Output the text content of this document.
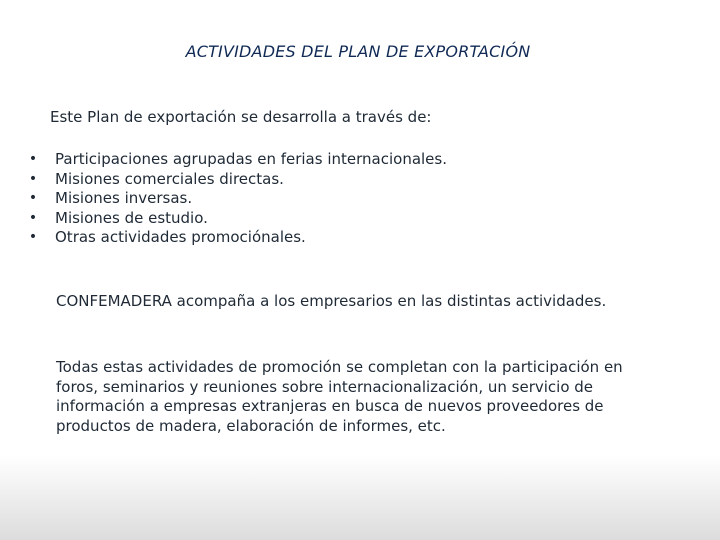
ACTIVIDADES DEL PLAN DE EXPORTACIÓN
Este Plan de exportación se desarrolla a través de:
• Participaciones agrupadas en ferias internacionales.
• Misiones comerciales directas.
• Misiones inversas.
• Misiones de estudio.
• Otras actividades promociónales.
CONFEMADERA acompaña a los empresarios en las distintas actividades.
Todas estas actividades de promoción se completan con la participación en foros, seminarios y reuniones sobre internacionalización, un servicio de información a empresas extranjeras en busca de nuevos proveedores de productos de madera, elaboración de informes, etc.
